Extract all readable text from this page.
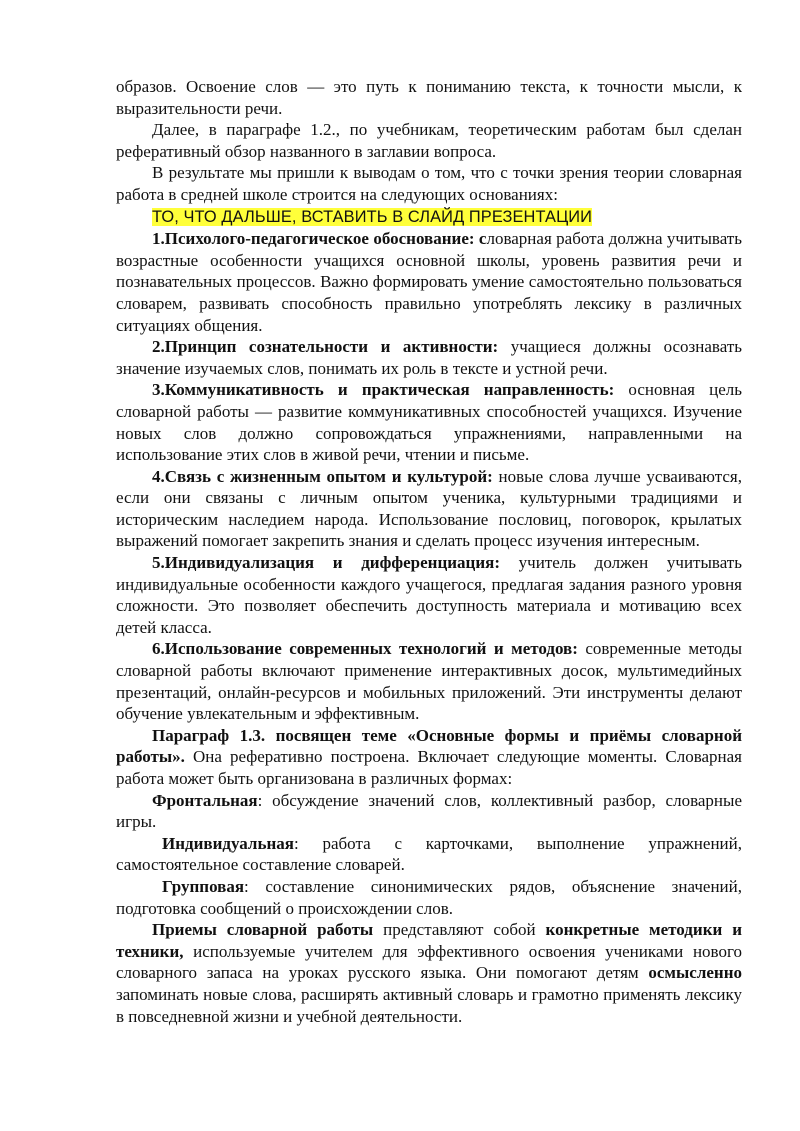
образов. Освоение слов — это путь к пониманию текста, к точности мысли, к выразительности речи.

Далее, в параграфе 1.2., по учебникам, теоретическим работам был сделан реферативный обзор названного в заглавии вопроса.

В результате мы пришли к выводам о том, что с точки зрения теории словарная работа в средней школе строится на следующих основаниях:

ТО, ЧТО ДАЛЬШЕ, ВСТАВИТЬ В СЛАЙД ПРЕЗЕНТАЦИИ

1.Психолого-педагогическое обоснование: словарная работа должна учитывать возрастные особенности учащихся основной школы, уровень развития речи и познавательных процессов. Важно формировать умение самостоятельно пользоваться словарем, развивать способность правильно употреблять лексику в различных ситуациях общения.

2.Принцип сознательности и активности: учащиеся должны осознавать значение изучаемых слов, понимать их роль в тексте и устной речи.

3.Коммуникативность и практическая направленность: основная цель словарной работы — развитие коммуникативных способностей учащихся. Изучение новых слов должно сопровождаться упражнениями, направленными на использование этих слов в живой речи, чтении и письме.

4.Связь с жизненным опытом и культурой: новые слова лучше усваиваются, если они связаны с личным опытом ученика, культурными традициями и историческим наследием народа. Использование пословиц, поговорок, крылатых выражений помогает закрепить знания и сделать процесс изучения интересным.

5.Индивидуализация и дифференциация: учитель должен учитывать индивидуальные особенности каждого учащегося, предлагая задания разного уровня сложности. Это позволяет обеспечить доступность материала и мотивацию всех детей класса.

6.Использование современных технологий и методов: современные методы словарной работы включают применение интерактивных досок, мультимедийных презентаций, онлайн-ресурсов и мобильных приложений. Эти инструменты делают обучение увлекательным и эффективным.

Параграф 1.3. посвящен теме «Основные формы и приёмы словарной работы». Она реферативно построена. Включает следующие моменты. Словарная работа может быть организована в различных формах:

Фронтальная: обсуждение значений слов, коллективный разбор, словарные игры.

Индивидуальная: работа с карточками, выполнение упражнений, самостоятельное составление словарей.

Групповая: составление синонимических рядов, объяснение значений, подготовка сообщений о происхождении слов.

Приемы словарной работы представляют собой конкретные методики и техники, используемые учителем для эффективного освоения учениками нового словарного запаса на уроках русского языка. Они помогают детям осмысленно запоминать новые слова, расширять активный словарь и грамотно применять лексику в повседневной жизни и учебной деятельности.
